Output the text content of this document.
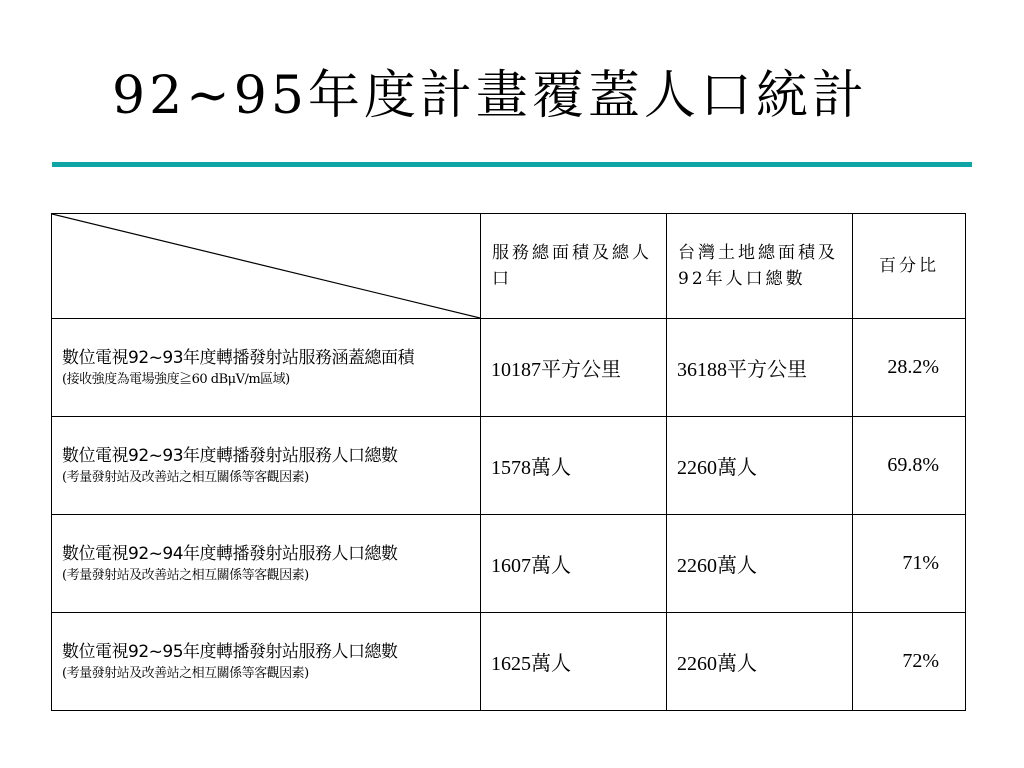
92~95年度計畫覆蓋人口統計
	服務總面積及總人口	台灣土地總面積及92年人口總數	百分比

數位電視92~93年度轉播發射站服務涵蓋總面積
(接收強度為電場強度≧60 dBμV/m區域)	10187平方公里	36188平方公里	28.2%

數位電視92~93年度轉播發射站服務人口總數
(考量發射站及改善站之相互關係等客觀因素)	1578萬人	2260萬人	69.8%

數位電視92~94年度轉播發射站服務人口總數
(考量發射站及改善站之相互關係等客觀因素)	1607萬人	2260萬人	71%

數位電視92~95年度轉播發射站服務人口總數
(考量發射站及改善站之相互關係等客觀因素)	1625萬人	2260萬人	72%
